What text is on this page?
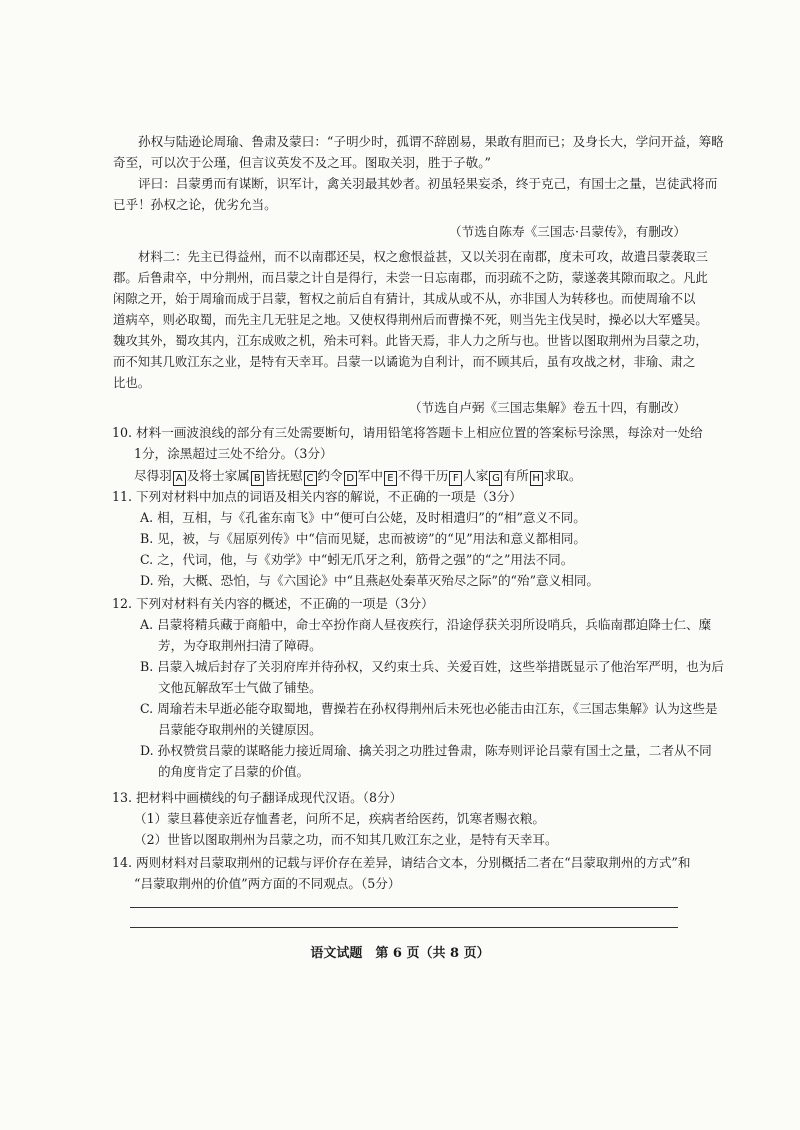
孙权与陆逊论周瑜、鲁肃及蒙曰：“子明少时，孤谓不辞剧易，果敢有胆而已；及身长大，学问开益，筹略

奇至，可以次于公瑾，但言议英发不及之耳。图取关羽，胜于子敬。”

评曰：吕蒙勇而有谋断，识军计，禽关羽最其妙者。初虽轻果妄杀，终于克己，有国士之量，岂徒武将而

已乎！孙权之论，优劣允当。

（节选自陈寿《三国志·吕蒙传》，有删改）

材料二：先主已得益州，而不以南郡还吴，权之愈恨益甚，又以关羽在南郡，度未可攻，故遣吕蒙袭取三

郡。后鲁肃卒，中分荆州，而吕蒙之计自是得行，未尝一日忘南郡，而羽疏不之防，蒙遂袭其隙而取之。凡此

闲隙之开，始于周瑜而成于吕蒙，暂权之前后自有猜计，其成从或不从，亦非国人为转移也。而使周瑜不以

道病卒，则必取蜀，而先主几无驻足之地。又使权得荆州后而曹操不死，则当先主伐吴时，操必以大军蹙吴。

魏攻其外，蜀攻其内，江东成败之机，殆未可料。此皆天焉，非人力之所与也。世皆以图取荆州为吕蒙之功，

而不知其几败江东之业，是特有天幸耳。吕蒙一以谲诡为自利计，而不顾其后，虽有攻战之材，非瑜、肃之

比也。

（节选自卢弼《三国志集解》卷五十四，有删改）

10. 材料一画波浪线的部分有三处需要断句，请用铅笔将答题卡上相应位置的答案标号涂黑，每涂对一处给

1分，涂黑超过三处不给分。（3分）

尽得羽 A 及将士家属 B 皆抚慰 C 约令 D 军中 E 不得干历 F 人家 G 有所 H 求取。

11. 下列对材料中加点的词语及相关内容的解说，不正确的一项是（3分）

A. 相，互相，与《孔雀东南飞》中“便可白公姥，及时相遣归”的“相”意义不同。

B. 见，被，与《屈原列传》中“信而见疑，忠而被谤”的“见”用法和意义都相同。

C. 之，代词，他，与《劝学》中“蚓无爪牙之利，筋骨之强”的“之”用法不同。

D. 殆，大概、恐怕，与《六国论》中“且燕赵处秦革灭殆尽之际”的“殆”意义相同。

12. 下列对材料有关内容的概述，不正确的一项是（3分）

A. 吕蒙将精兵藏于商船中，命士卒扮作商人昼夜疾行，沿途俘获关羽所设哨兵，兵临南郡迫降士仁、糜

芳，为夺取荆州扫清了障碍。

B. 吕蒙入城后封存了关羽府库并待孙权，又约束士兵、关爱百姓，这些举措既显示了他治军严明，也为后

文他瓦解敌军士气做了铺垫。

C. 周瑜若未早逝必能夺取蜀地，曹操若在孙权得荆州后未死也必能击由江东，《三国志集解》认为这些是

吕蒙能夺取荆州的关键原因。

D. 孙权赞赏吕蒙的谋略能力接近周瑜、擒关羽之功胜过鲁肃，陈寿则评论吕蒙有国士之量，二者从不同

的角度肯定了吕蒙的价值。

13. 把材料中画横线的句子翻译成现代汉语。（8分）

（1）蒙旦暮使亲近存恤耆老，问所不足，疾病者给医药，饥寒者赐衣粮。

（2）世皆以图取荆州为吕蒙之功，而不知其几败江东之业，是特有天幸耳。

14. 两则材料对吕蒙取荆州的记载与评价存在差异，请结合文本，分别概括二者在“吕蒙取荆州的方式”和

“吕蒙取荆州的价值”两方面的不同观点。（5分）

语文试题　第 6 页（共 8 页）
